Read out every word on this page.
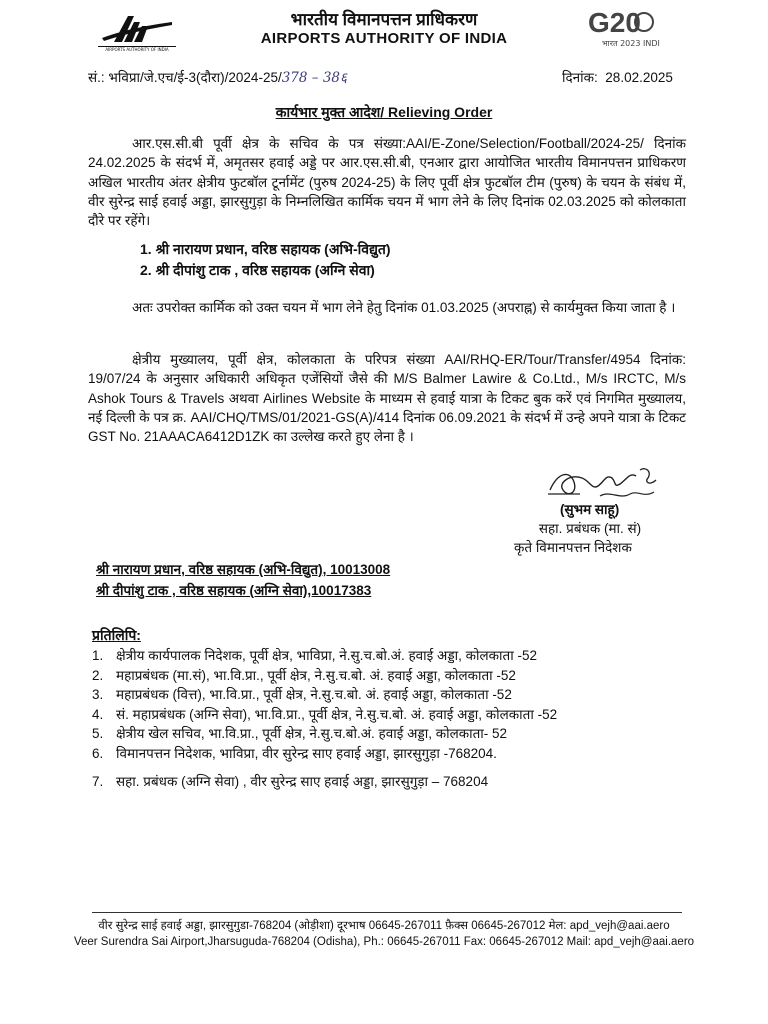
AIRPORTS AUTHORITY OF INDIA
भारतीय विमानपत्तन प्राधिकरण
AIRPORTS AUTHORITY OF INDIA
G20
भारत 2023 INDIA
सं.: भविप्रा/जे.एच/ई-3(दौरा)/2024-25/378 – 38६	दिनांक: 28.02.2025
कार्यभार मुक्त आदेश/ Relieving Order
आर.एस.सी.बी पूर्वी क्षेत्र के सचिव के पत्र संख्या:AAI/E-Zone/Selection/Football/2024-25/ दिनांक 24.02.2025 के संदर्भ में, अमृतसर हवाई अड्डे पर आर.एस.सी.बी, एनआर द्वारा आयोजित भारतीय विमानपत्तन प्राधिकरण अखिल भारतीय अंतर क्षेत्रीय फुटबॉल टूर्नामेंट (पुरुष 2024-25) के लिए पूर्वी क्षेत्र फुटबॉल टीम (पुरुष) के चयन के संबंध में, वीर सुरेन्द्र साई हवाई अड्डा, झारसुगुड़ा के निम्नलिखित कार्मिक चयन में भाग लेने के लिए दिनांक 02.03.2025 को कोलकाता दौरे पर रहेंगे।
1. श्री नारायण प्रधान, वरिष्ठ सहायक (अभि-विद्युत)
2. श्री दीपांशु टाक , वरिष्ठ सहायक (अग्नि सेवा)
अतः उपरोक्त कार्मिक को उक्त चयन में भाग लेने हेतु दिनांक 01.03.2025 (अपराह्न) से कार्यमुक्त किया जाता है ।
क्षेत्रीय मुख्यालय, पूर्वी क्षेत्र, कोलकाता के परिपत्र संख्या AAI/RHQ-ER/Tour/Transfer/4954 दिनांक: 19/07/24 के अनुसार अधिकारी अधिकृत एजेंसियों जैसे की M/S Balmer Lawire & Co.Ltd., M/s IRCTC, M/s Ashok Tours & Travels अथवा Airlines Website के माध्यम से हवाई यात्रा के टिकट बुक करें एवं निगमित मुख्यालय, नई दिल्ली के पत्र क्र. AAI/CHQ/TMS/01/2021-GS(A)/414 दिनांक 06.09.2021 के संदर्भ में उन्हे अपने यात्रा के टिकट GST No. 21AAACA6412D1ZK का उल्लेख करते हुए लेना है ।
(सुभम साहू)
सहा. प्रबंधक (मा. सं)
कृते विमानपत्तन निदेशक
श्री नारायण प्रधान, वरिष्ठ सहायक (अभि-विद्युत), 10013008
श्री दीपांशु टाक , वरिष्ठ सहायक (अग्नि सेवा),10017383
प्रतिलिपि:
1. क्षेत्रीय कार्यपालक निदेशक, पूर्वी क्षेत्र, भाविप्रा, ने.सु.च.बो.अं. हवाई अड्डा, कोलकाता -52
2. महाप्रबंधक (मा.सं), भा.वि.प्रा., पूर्वी क्षेत्र, ने.सु.च.बो. अं. हवाई अड्डा, कोलकाता -52
3. महाप्रबंधक (वित्त), भा.वि.प्रा., पूर्वी क्षेत्र, ने.सु.च.बो. अं. हवाई अड्डा, कोलकाता -52
4. सं. महाप्रबंधक (अग्नि सेवा), भा.वि.प्रा., पूर्वी क्षेत्र, ने.सु.च.बो. अं. हवाई अड्डा, कोलकाता -52
5. क्षेत्रीय खेल सचिव, भा.वि.प्रा., पूर्वी क्षेत्र, ने.सु.च.बो.अं. हवाई अड्डा, कोलकाता- 52
6. विमानपत्तन निदेशक, भाविप्रा, वीर सुरेन्द्र साए हवाई अड्डा, झारसुगुड़ा -768204.
7. सहा. प्रबंधक (अग्नि सेवा) , वीर सुरेन्द्र साए हवाई अड्डा, झारसुगुड़ा – 768204
वीर सुरेन्द्र साई हवाई अड्डा, झारसुगुडा-768204 (ओड़ीशा) दूरभाष 06645-267011 फ़ैक्स 06645-267012 मेल: apd_vejh@aai.aero
Veer Surendra Sai Airport,Jharsuguda-768204 (Odisha), Ph.: 06645-267011 Fax: 06645-267012 Mail: apd_vejh@aai.aero
